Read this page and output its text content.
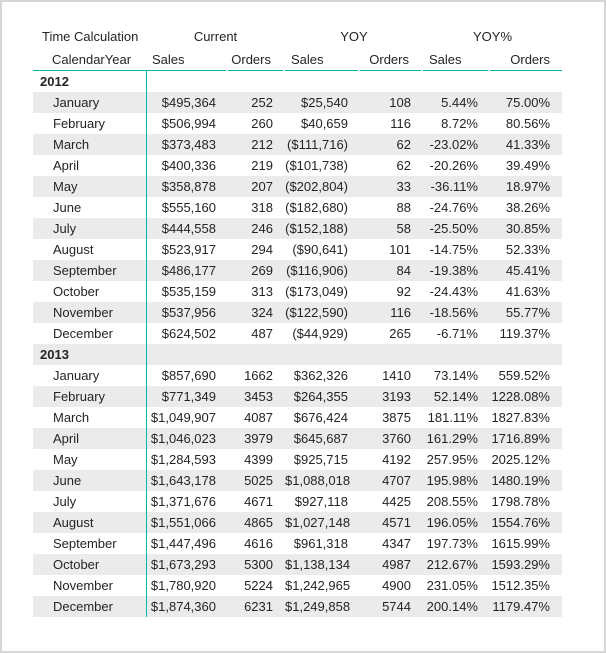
Time Calculation	Current	YOY	YOY%
CalendarYear	Sales	Orders	Sales	Orders	Sales	Orders
2012
January	$495,364	252	$25,540	108	5.44%	75.00%
February	$506,994	260	$40,659	116	8.72%	80.56%
March	$373,483	212	($111,716)	62	-23.02%	41.33%
April	$400,336	219 ($101,738)	62	-20.26%	39.49%
May	$358,878	207 ($202,804)	33	-36.11%	18.97%
June	$555,160	318 ($182,680)	88	-24.76%	38.26%
July	$444,558	246 ($152,188)	58	-25.50%	30.85%
August	$523,917	294	($90,641)	101	-14.75%	52.33%
September	$486,177	269	($116,906)	84	-19.38%	45.41%
October	$535,159	313 ($173,049)	92	-24.43%	41.63%
November	$537,956	324 ($122,590)	116	-18.56%	55.77%
December	$624,502	487	($44,929)	265	-6.71%	119.37%
2013
January	$857,690	1662	$362,326	1410	73.14%	559.52%
February	$771,349	3453	$264,355	3193	52.14%	1228.08%
March	$1,049,907	4087	$676,424	3875	181.11%	1827.83%
April	$1,046,023	3979	$645,687	3760	161.29%	1716.89%
May	$1,284,593	4399	$925,715	4192	257.95%	2025.12%
June	$1,643,178	5025 $1,088,018	4707	195.98%	1480.19%
July	$1,371,676	4671	$927,118	4425	208.55%	1798.78%
August	$1,551,066	4865 $1,027,148	4571	196.05%	1554.76%
September	$1,447,496	4616	$961,318	4347	197.73%	1615.99%
October	$1,673,293	5300 $1,138,134	4987	212.67%	1593.29%
November	$1,780,920	5224 $1,242,965	4900	231.05%	1512.35%
December	$1,874,360	6231 $1,249,858	5744	200.14%	1179.47%
